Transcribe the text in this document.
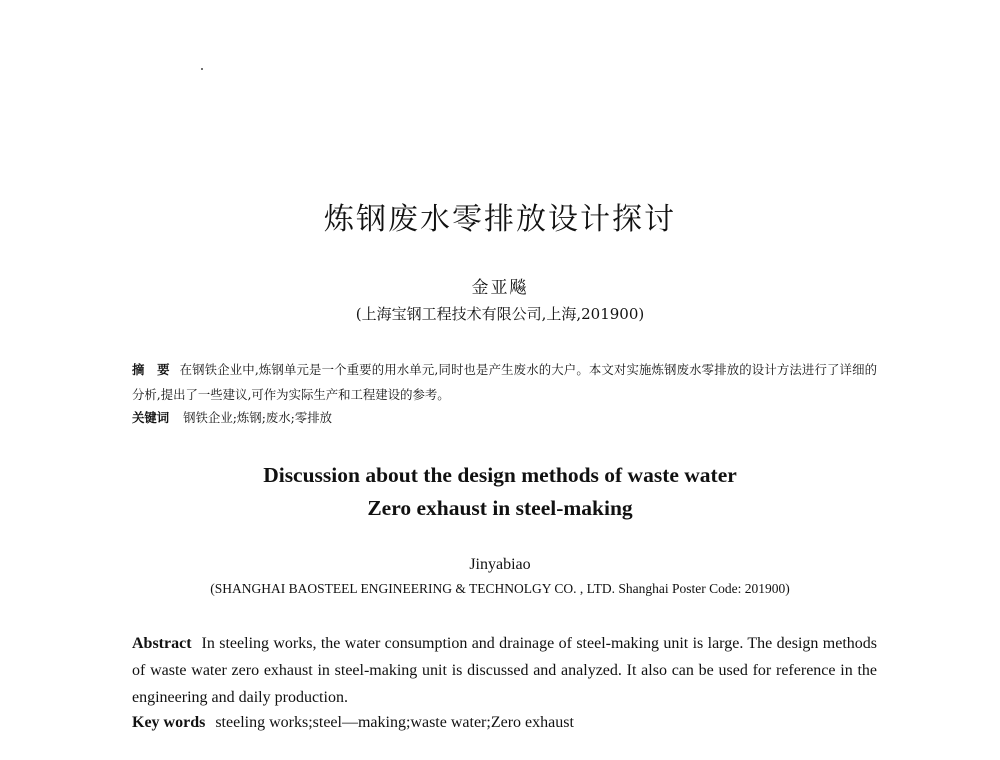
炼钢废水零排放设计探讨
金亚飚
(上海宝钢工程技术有限公司,上海,201900)
摘　要 在钢铁企业中,炼钢单元是一个重要的用水单元,同时也是产生废水的大户。本文对实施炼钢废水零排放的设计方法进行了详细的分析,提出了一些建议,可作为实际生产和工程建设的参考。
关键词 钢铁企业;炼钢;废水;零排放
Discussion about the design methods of waste water
Zero exhaust in steel-making
Jinyabiao
(SHANGHAI BAOSTEEL ENGINEERING & TECHNOLGY CO. , LTD. Shanghai Poster Code: 201900)
Abstract In steeling works, the water consumption and drainage of steel-making unit is large. The design methods of waste water zero exhaust in steel-making unit is discussed and analyzed. It also can be used for reference in the engineering and daily production.
Key words steeling works;steel—making;waste water;Zero exhaust
